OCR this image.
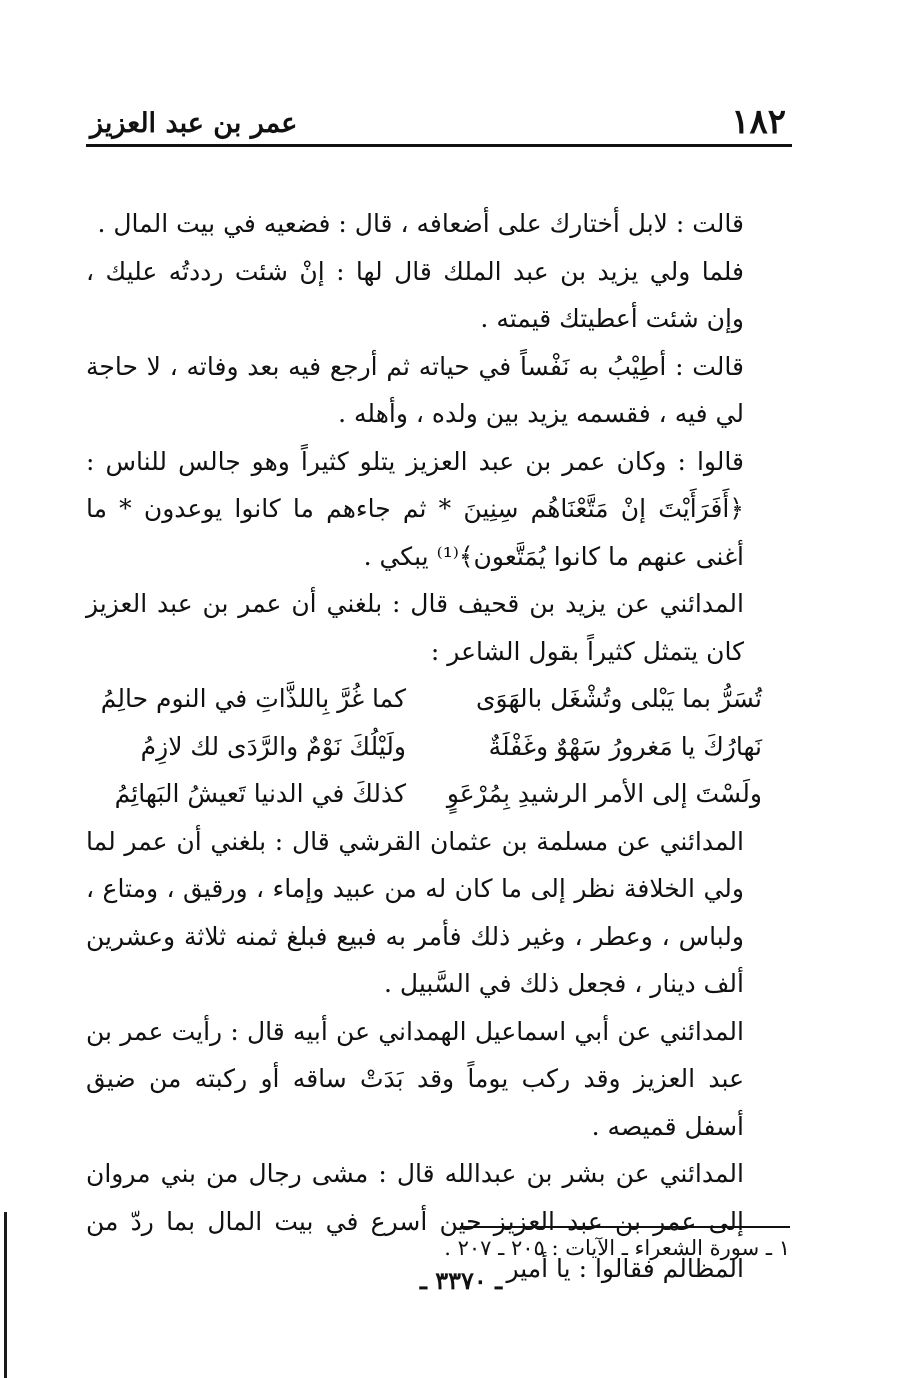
١٨٢
عمر بن عبد العزيز

قالت : لابل أختارك على أضعافه ، قال : فضعيه في بيت المال .

فلما ولي يزيد بن عبد الملك قال لها : إنْ شئت رددتُه عليك ، وإن شئت أعطيتك قيمته .

قالت : أطِيْبُ به نَفْساً في حياته ثم أرجع فيه بعد وفاته ، لا حاجة لي فيه ، فقسمه يزيد بين ولده ، وأهله .

قالوا : وكان عمر بن عبد العزيز يتلو كثيراً وهو جالس للناس : ﴿أَفَرَأَيْتَ إنْ مَتَّعْنَاهُم سِنِينَ * ثم جاءهم ما كانوا يوعدون * ما أغنى عنهم ما كانوا يُمَتَّعون﴾⁽¹⁾ يبكي .

المدائني عن يزيد بن قحيف قال : بلغني أن عمر بن عبد العزيز كان يتمثل كثيراً بقول الشاعر :

تُسَرُّ بما يَبْلى وتُشْغَل بالهَوَى
كما غُرَّ بِاللذَّاتِ في النوم حالِمُ
نَهارُكَ يا مَغرورُ سَهْوٌ وغَفْلَةٌ
ولَيْلُكَ نَوْمٌ والرَّدَى لك لازِمُ
ولَسْتَ إلى الأمر الرشيدِ بِمُرْعَوٍ
كذلكَ في الدنيا تَعيشُ البَهائِمُ

المدائني عن مسلمة بن عثمان القرشي قال : بلغني أن عمر لما ولي الخلافة نظر إلى ما كان له من عبيد وإماء ، ورقيق ، ومتاع ، ولباس ، وعطر ، وغير ذلك فأمر به فبيع فبلغ ثمنه ثلاثة وعشرين ألف دينار ، فجعل ذلك في السَّبيل .

المدائني عن أبي اسماعيل الهمداني عن أبيه قال : رأيت عمر بن عبد العزيز وقد ركب يوماً وقد بَدَتْ ساقه أو ركبته من ضيق أسفل قميصه .

المدائني عن بشر بن عبدالله قال : مشى رجال من بني مروان إلى عمر بن عبد العزيز حين أسرع في بيت المال بما ردّ من المظالم فقالوا : يا أمير

١ ـ سورة الشعراء ـ الآيات : ٢٠٥ ـ ٢٠٧ .
ـ ٣٣٧٠ ـ
